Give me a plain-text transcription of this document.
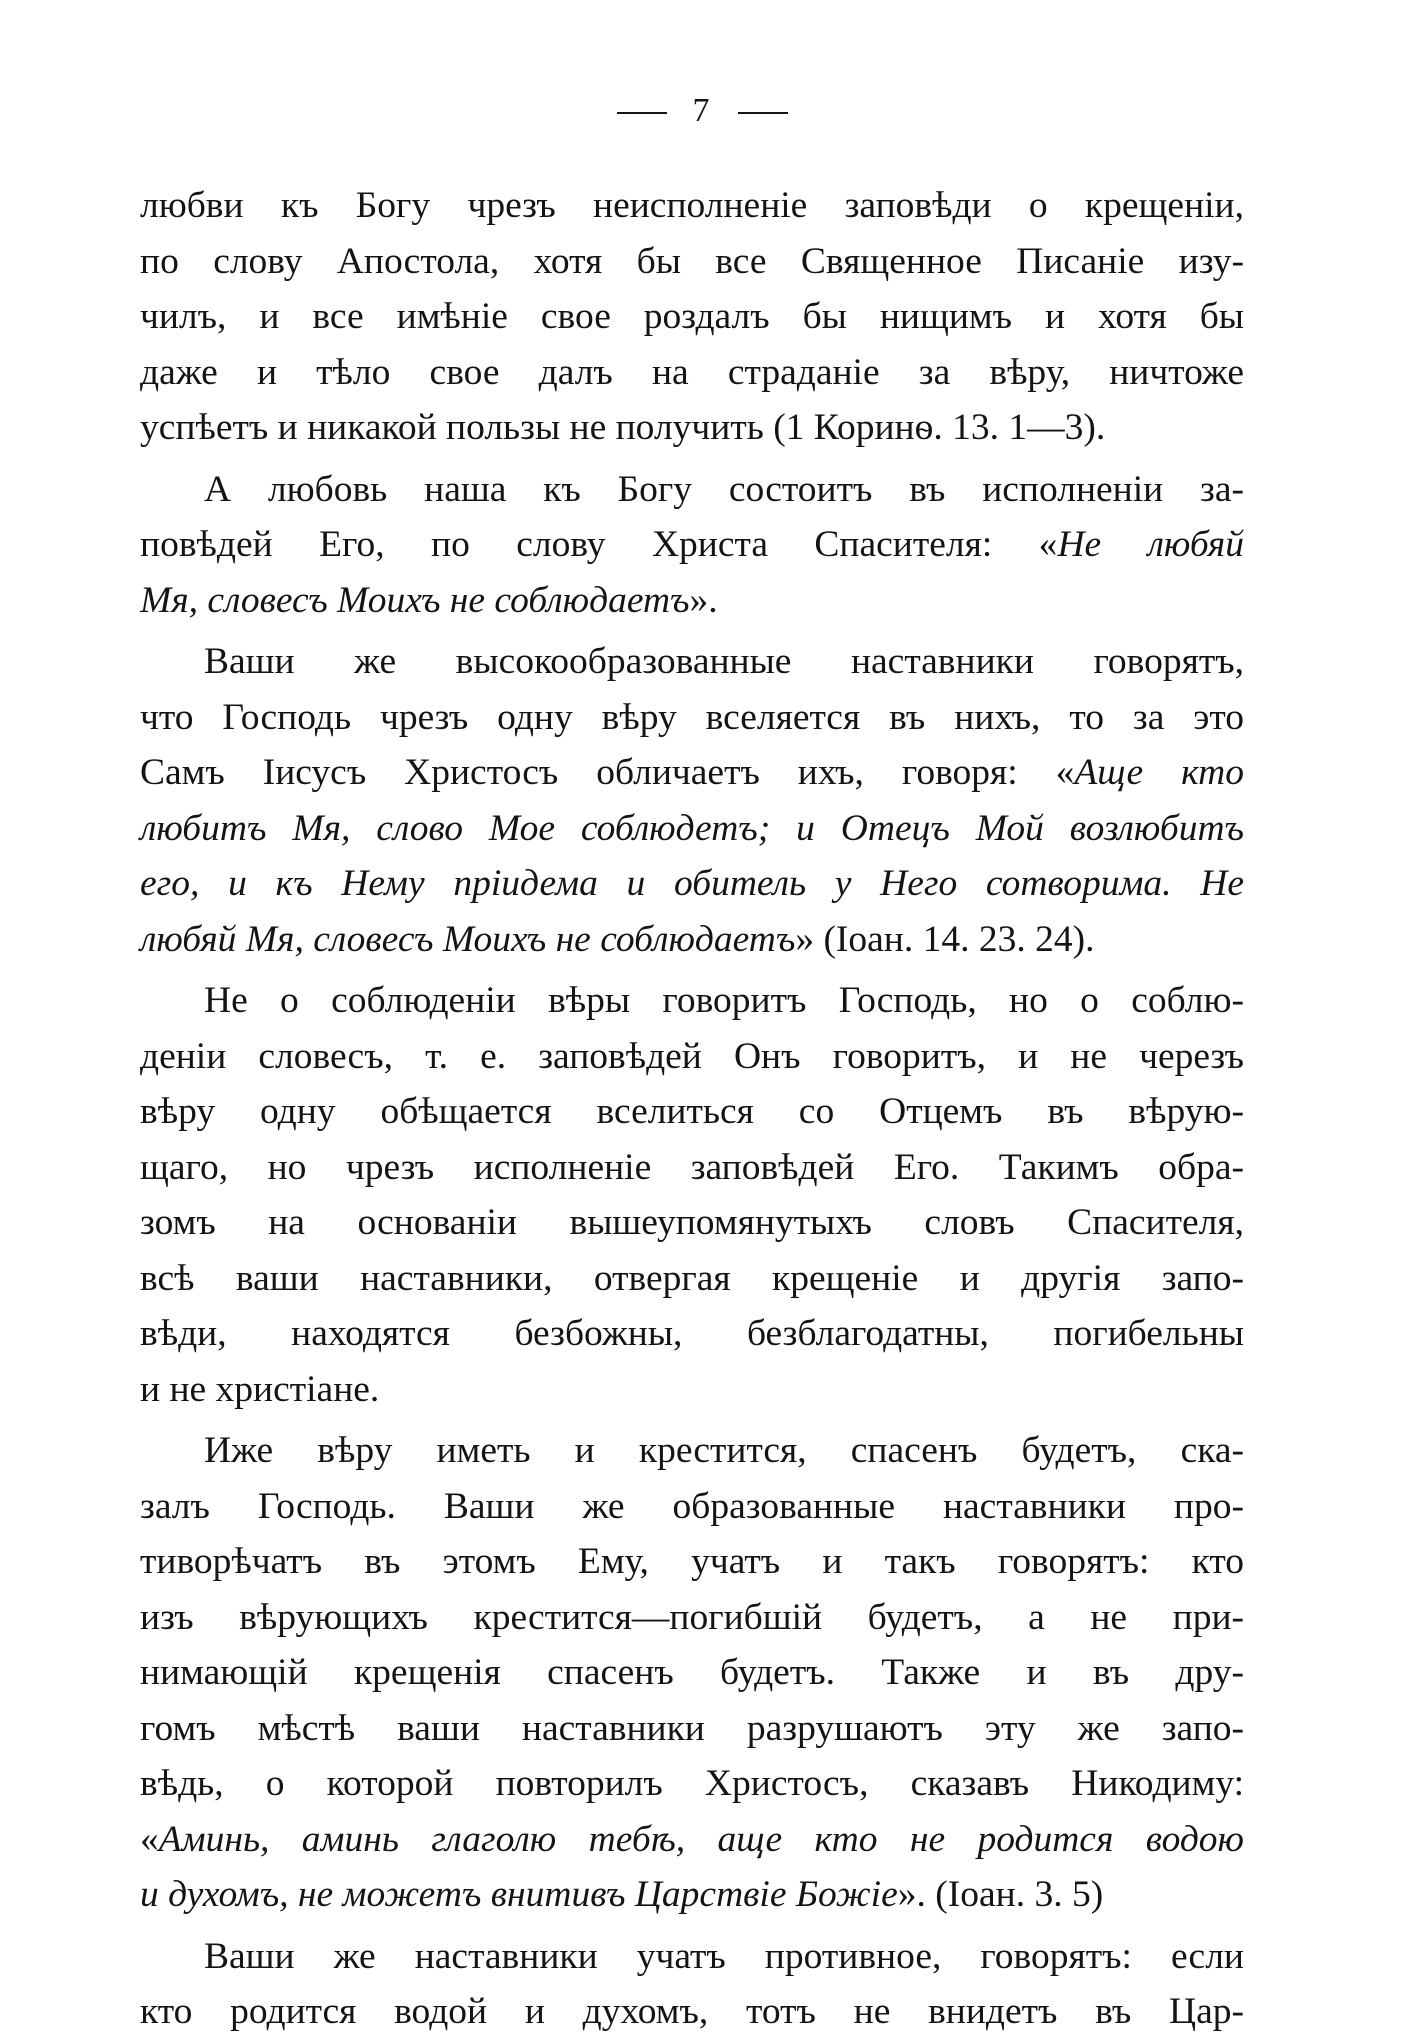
7
любви къ Богу чрезъ неисполненіе заповѣди о крещеніи,
по слову Апостола, хотя бы все Священное Писаніе изу-
чилъ, и все имѣніе свое роздалъ бы нищимъ и хотя бы
даже и тѣло свое далъ на страданіе за вѣру, ничтоже
успѣетъ и никакой пользы не получить (1 Коринѳ. 13. 1—3).
А любовь наша къ Богу состоитъ въ исполненіи за-
повѣдей Его, по слову Христа Спасителя: «Не любяй
Мя, словесъ Моихъ не соблюдаетъ».
Ваши же высокообразованные наставники говорятъ,
что Господь чрезъ одну вѣру вселяется въ нихъ, то за это
Самъ Іисусъ Христосъ обличаетъ ихъ, говоря: «Аще кто
любитъ Мя, слово Мое соблюдетъ; и Отецъ Мой возлюбитъ
его, и къ Нему пріидема и обитель у Него сотворима. Не
любяй Мя, словесъ Моихъ не соблюдаетъ» (Іоан. 14. 23. 24).
Не о соблюденіи вѣры говоритъ Господь, но о соблю-
деніи словесъ, т. е. заповѣдей Онъ говоритъ, и не черезъ
вѣру одну обѣщается вселиться со Отцемъ въ вѣрую-
щаго, но чрезъ исполненіе заповѣдей Его. Такимъ обра-
зомъ на основаніи вышеупомянутыхъ словъ Спасителя,
всѣ ваши наставники, отвергая крещеніе и другія запо-
вѣди, находятся безбожны, безблагодатны, погибельны
и не христіане.
Иже вѣру иметь и крестится, спасенъ будетъ, ска-
залъ Господь. Ваши же образованные наставники про-
тиворѣчатъ въ этомъ Ему, учатъ и такъ говорятъ: кто
изъ вѣрующихъ крестится—погибшій будетъ, а не при-
нимающій крещенія спасенъ будетъ. Также и въ дру-
гомъ мѣстѣ ваши наставники разрушаютъ эту же запо-
вѣдь, о которой повторилъ Христосъ, сказавъ Никодиму:
«Аминь, аминь глаголю тебѣ, аще кто не родится водою
и духомъ, не можетъ внитивъ Царствіе Божіе». (Іоан. 3. 5)
Ваши же наставники учатъ противное, говорятъ: если
кто родится водой и духомъ, тотъ не внидетъ въ Цар-
